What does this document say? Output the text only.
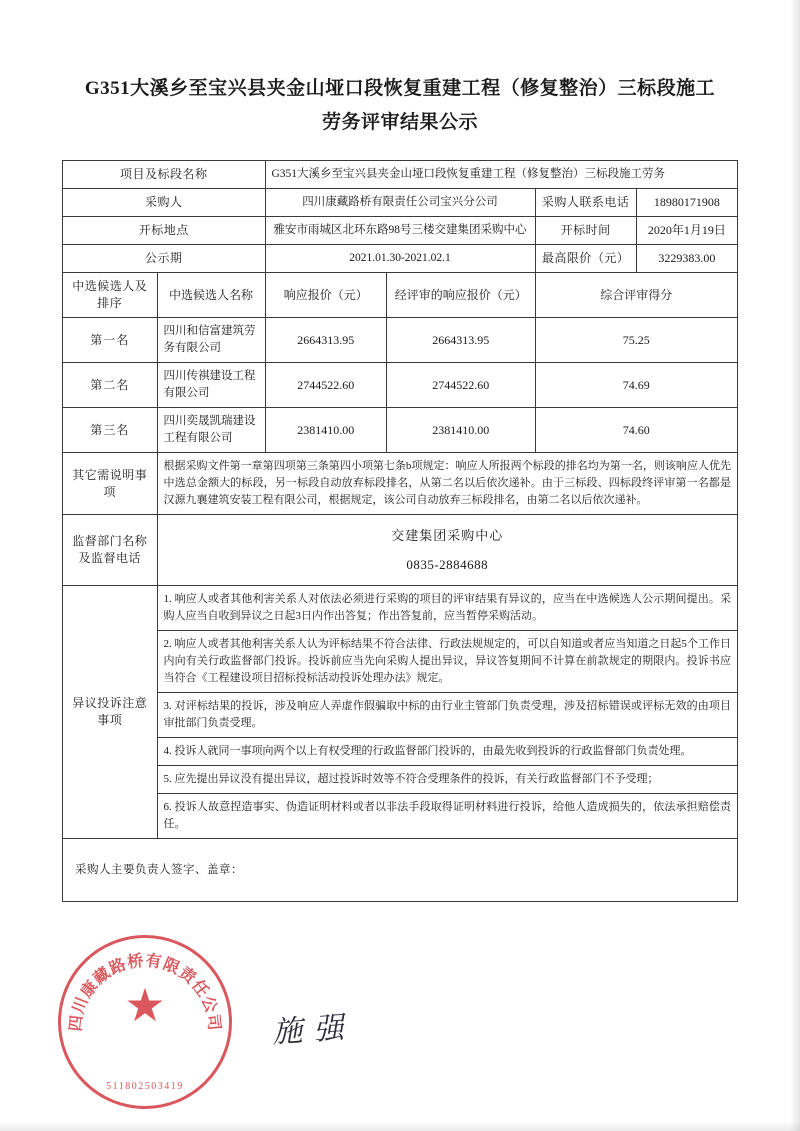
G351大溪乡至宝兴县夹金山垭口段恢复重建工程（修复整治）三标段施工劳务评审结果公示
项目及标段名称		G351大溪乡至宝兴县夹金山垭口段恢复重建工程（修复整治）三标段施工劳务			
采购人		四川康藏路桥有限责任公司宝兴分公司		采购人联系电话	18980171908
开标地点		雅安市雨城区北环东路98号三楼交建集团采购中心		开标时间	2020年1月19日
公示期		2021.01.30-2021.02.1		最高限价（元）	3229383.00
中选候选人及排序	中选候选人名称	响应报价（元）	经评审的响应报价（元）	综合评审得分	
第一名	四川和信富建筑劳务有限公司	2664313.95	2664313.95	75.25	
第二名	四川传祺建设工程有限公司	2744522.60	2744522.60	74.69	
第三名	四川奕晟凯瑞建设工程有限公司	2381410.00	2381410.00	74.60	
其它需说明事项	根据采购文件第一章第四项第三条第四小项第七条b项规定：响应人所报两个标段的排名均为第一名，则该响应人优先中选总金额大的标段，另一标段自动放弃标段排名，从第二名以后依次递补。由于三标段、四标段终评审第一名都是汉源九襄建筑安装工程有限公司，根据规定，该公司自动放弃三标段排名，由第二名以后依次递补。				
监督部门名称及监督电话	交建集团采购中心
0835-2884688				

异议投诉注意事项	1. 响应人或者其他利害关系人对依法必须进行采购的项目的评审结果有异议的，应当在中选候选人公示期间提出。采购人应当自收到异议之日起3日内作出答复；作出答复前，应当暂停采购活动。				
	2. 响应人或者其他利害关系人认为评标结果不符合法律、行政法规规定的，可以自知道或者应当知道之日起5个工作日内向有关行政监督部门投诉。投诉前应当先向采购人提出异议，异议答复期间不计算在前款规定的期限内。投诉书应当符合《工程建设项目招标投标活动投诉处理办法》规定。				
	3. 对评标结果的投诉，涉及响应人弄虚作假骗取中标的由行业主管部门负责受理，涉及招标错误或评标无效的由项目审批部门负责受理。				
	4. 投诉人就同一事项向两个以上有权受理的行政监督部门投诉的，由最先收到投诉的行政监督部门负责处理。				
	5. 应先提出异议没有提出异议，超过投诉时效等不符合受理条件的投诉，有关行政监督部门不予受理；				
	6. 投诉人故意捏造事实、伪造证明材料或者以非法手段取得证明材料进行投诉，给他人造成损失的，依法承担赔偿责任。				
采购人主要负责人签字、盖章：					
四川康藏路桥有限责任公司
★
511802503419
施 强
